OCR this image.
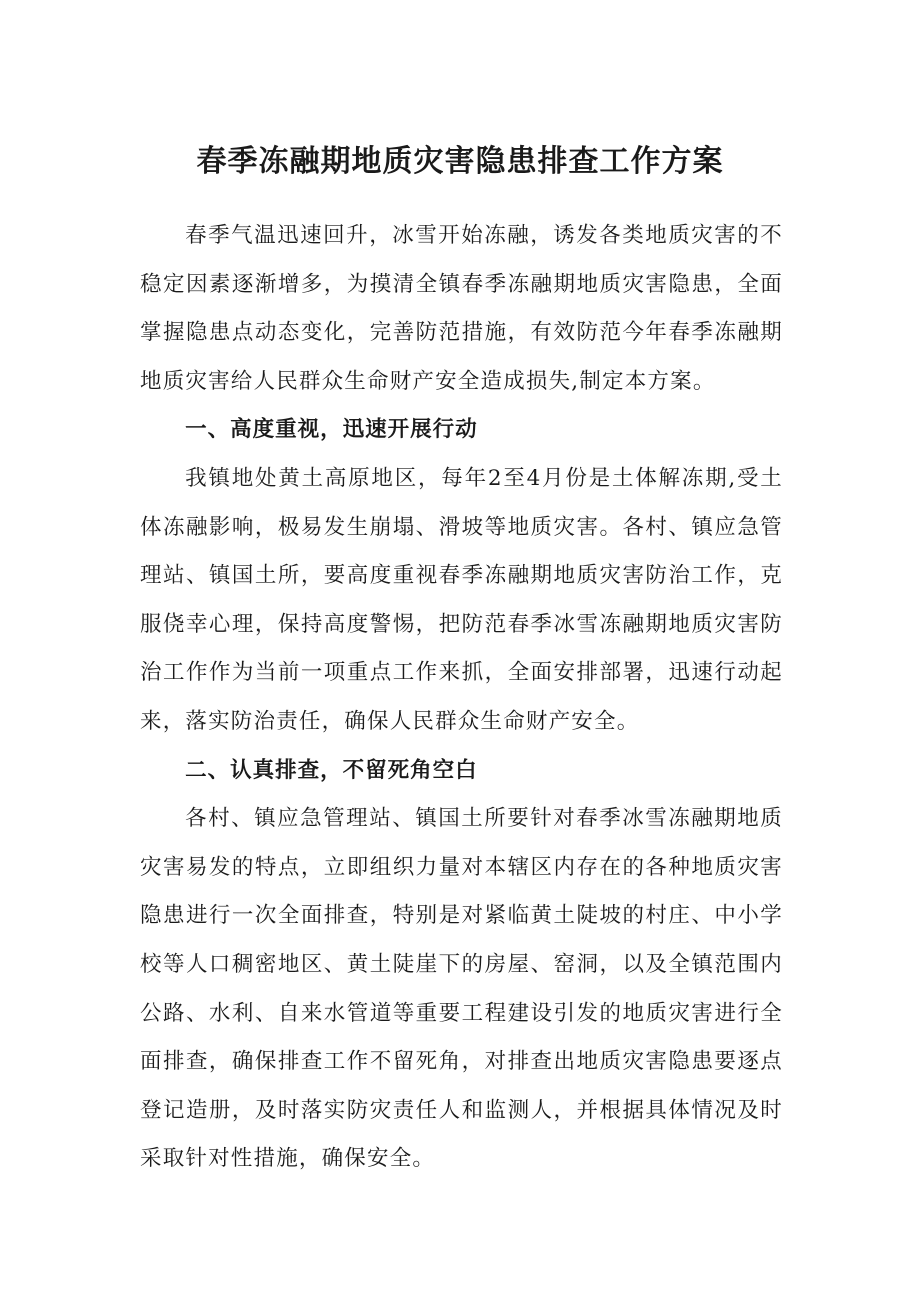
春季冻融期地质灾害隐患排查工作方案

春季气温迅速回升，冰雪开始冻融，诱发各类地质灾害的不稳定因素逐渐增多，为摸清全镇春季冻融期地质灾害隐患，全面掌握隐患点动态变化，完善防范措施，有效防范今年春季冻融期地质灾害给人民群众生命财产安全造成损失,制定本方案。

一、高度重视，迅速开展行动

我镇地处黄土高原地区，每年2至4月份是土体解冻期,受土体冻融影响，极易发生崩塌、滑坡等地质灾害。各村、镇应急管理站、镇国土所，要高度重视春季冻融期地质灾害防治工作，克服侥幸心理，保持高度警惕，把防范春季冰雪冻融期地质灾害防治工作作为当前一项重点工作来抓，全面安排部署，迅速行动起来，落实防治责任，确保人民群众生命财产安全。

二、认真排查，不留死角空白

各村、镇应急管理站、镇国土所要针对春季冰雪冻融期地质灾害易发的特点，立即组织力量对本辖区内存在的各种地质灾害隐患进行一次全面排查，特别是对紧临黄土陡坡的村庄、中小学校等人口稠密地区、黄土陡崖下的房屋、窑洞，以及全镇范围内公路、水利、自来水管道等重要工程建设引发的地质灾害进行全面排查，确保排查工作不留死角，对排查出地质灾害隐患要逐点登记造册，及时落实防灾责任人和监测人，并根据具体情况及时采取针对性措施，确保安全。
